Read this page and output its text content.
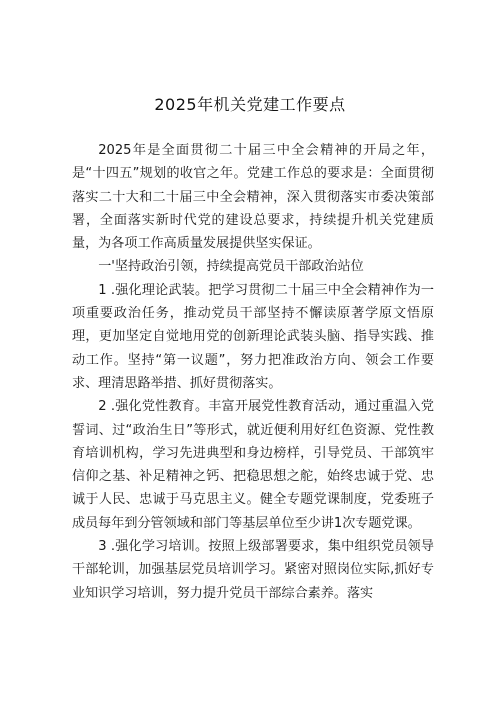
2025年机关党建工作要点

2025年是全面贯彻二十届三中全会精神的开局之年，是“十四五”规划的收官之年。党建工作总的要求是：全面贯彻落实二十大和二十届三中全会精神，深入贯彻落实市委决策部署，全面落实新时代党的建设总要求，持续提升机关党建质量，为各项工作高质量发展提供坚实保证。

一'坚持政治引领，持续提高党员干部政治站位

1 .强化理论武装。把学习贯彻二十届三中全会精神作为一项重要政治任务，推动党员干部坚持不懈读原著学原文悟原理，更加坚定自觉地用党的创新理论武装头脑、指导实践、推动工作。坚持“第一议题”，努力把准政治方向、领会工作要求、理清思路举措、抓好贯彻落实。

2 .强化党性教育。丰富开展党性教育活动，通过重温入党誓词、过“政治生日”等形式，就近便利用好红色资源、党性教育培训机构，学习先进典型和身边榜样，引导党员、干部筑牢信仰之基、补足精神之钙、把稳思想之舵，始终忠诚于党、忠诚于人民、忠诚于马克思主义。健全专题党课制度，党委班子成员每年到分管领域和部门等基层单位至少讲1次专题党课。

3 .强化学习培训。按照上级部署要求，集中组织党员领导干部轮训，加强基层党员培训学习。紧密对照岗位实际,抓好专业知识学习培训，努力提升党员干部综合素养。落实
